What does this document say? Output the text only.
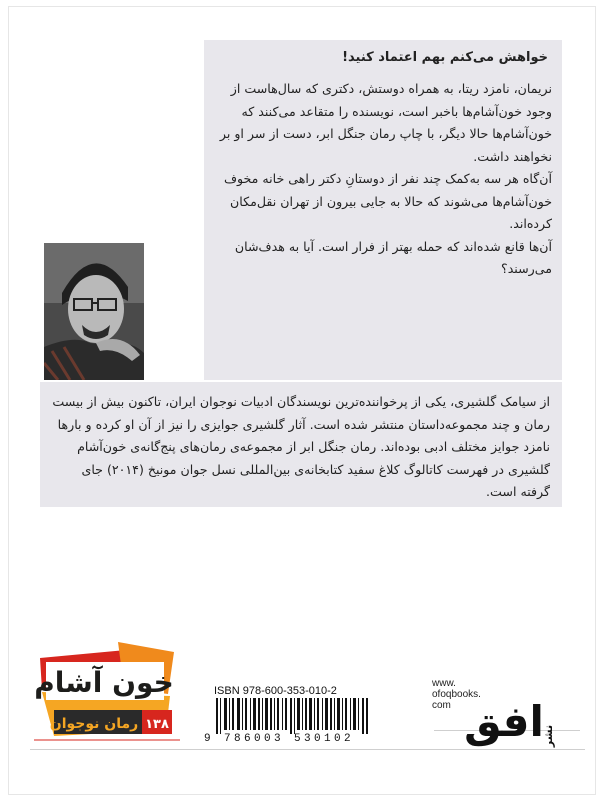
خواهش می‌کنم بهم اعتماد کنید!

نریمان، نامزد ریتا، به همراه دوستش، دکتری که سال‌هاست از وجود خون‌آشام‌ها باخبر است، نویسنده را متقاعد می‌کنند که خون‌آشام‌ها حالا دیگر، با چاپ رمان جنگل ابر، دست از سر او بر نخواهند داشت.

آن‌گاه هر سه به‌کمک چند نفر از دوستانِ دکتر راهی خانه مخوف خون‌آشام‌ها می‌شوند که حالا به جایی بیرون از تهران نقل‌مکان کرده‌اند.

آن‌ها قانع شده‌اند که حمله بهتر از فرار است. آیا به هدف‌شان می‌رسند؟

از سیامک گلشیری، یکی از پرخواننده‌ترین نویسندگان ادبیات نوجوان ایران، تاکنون بیش از بیست رمان و چند مجموعه‌داستان منتشر شده است. آثار گلشیری جوایزی را نیز از آن او کرده و بارها نامزد جوایز مختلف ادبی بوده‌اند. رمان جنگل ابر از مجموعه‌ی رمان‌های پنج‌گانه‌ی خون‌آشام گلشیری در فهرست کاتالوگ کلاغ سفید کتابخانه‌ی بین‌المللی نسل جوان مونیخ (۲۰۱۴) جای گرفته است.

خون آشام
رمان نوجوان ۱۳۸
ISBN 978-600-353-010-2
9 786003 530102
www.
ofoqbooks.
com افق
نشر
